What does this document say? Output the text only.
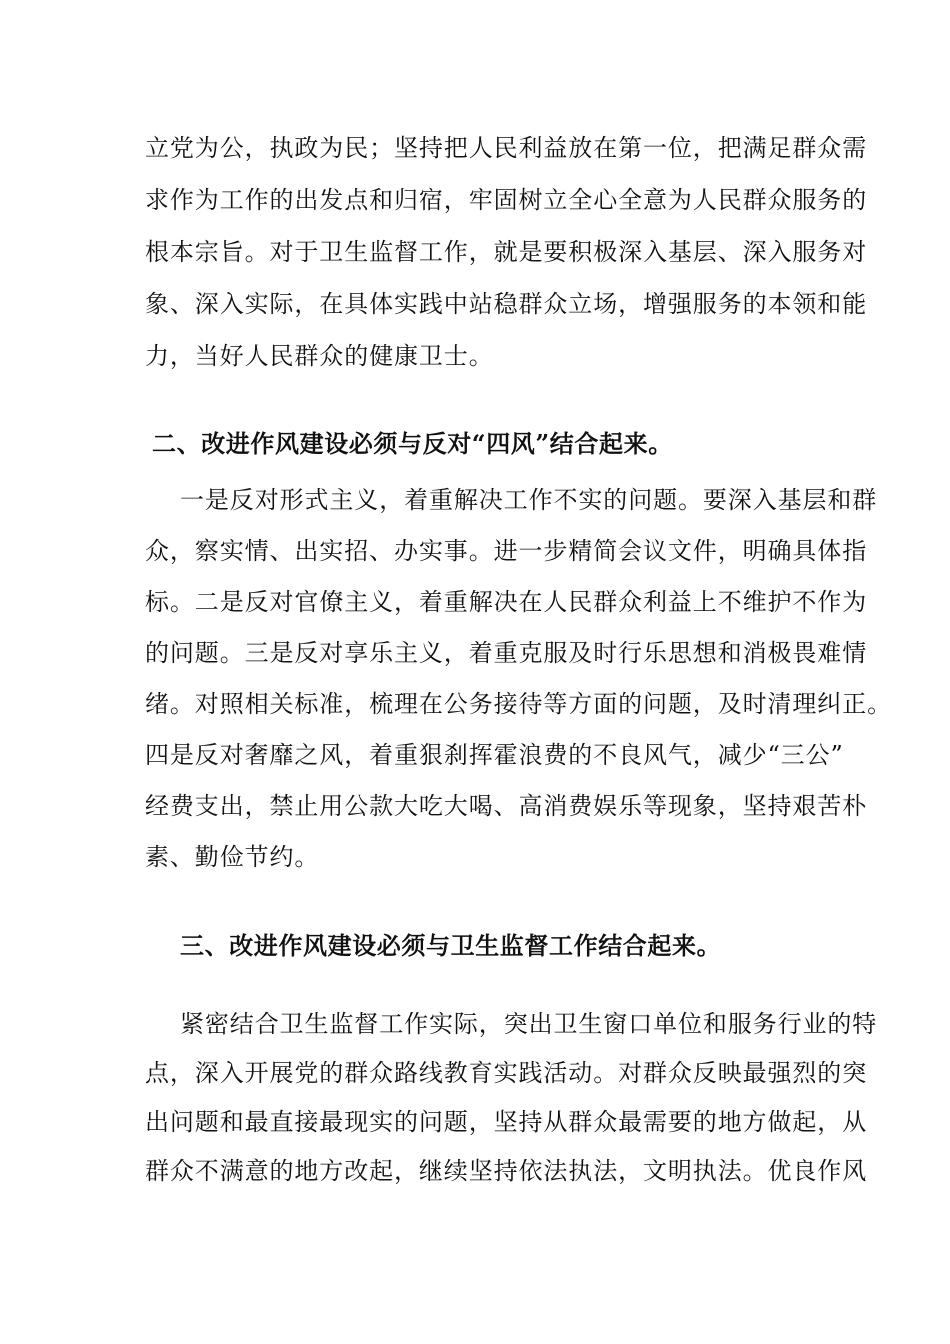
立党为公，执政为民；坚持把人民利益放在第一位，把满足群众需
求作为工作的出发点和归宿，牢固树立全心全意为人民群众服务的
根本宗旨。对于卫生监督工作，就是要积极深入基层、深入服务对
象、深入实际，在具体实践中站稳群众立场，增强服务的本领和能
力，当好人民群众的健康卫士。
二、改进作风建设必须与反对“四风”结合起来。
一是反对形式主义，着重解决工作不实的问题。要深入基层和群
众，察实情、出实招、办实事。进一步精简会议文件，明确具体指
标。二是反对官僚主义，着重解决在人民群众利益上不维护不作为
的问题。三是反对享乐主义，着重克服及时行乐思想和消极畏难情
绪。对照相关标准，梳理在公务接待等方面的问题，及时清理纠正。
四是反对奢靡之风，着重狠刹挥霍浪费的不良风气，减少“三公”
经费支出，禁止用公款大吃大喝、高消费娱乐等现象，坚持艰苦朴
素、勤俭节约。
三、改进作风建设必须与卫生监督工作结合起来。
紧密结合卫生监督工作实际，突出卫生窗口单位和服务行业的特
点，深入开展党的群众路线教育实践活动。对群众反映最强烈的突
出问题和最直接最现实的问题，坚持从群众最需要的地方做起，从
群众不满意的地方改起，继续坚持依法执法，文明执法。优良作风
